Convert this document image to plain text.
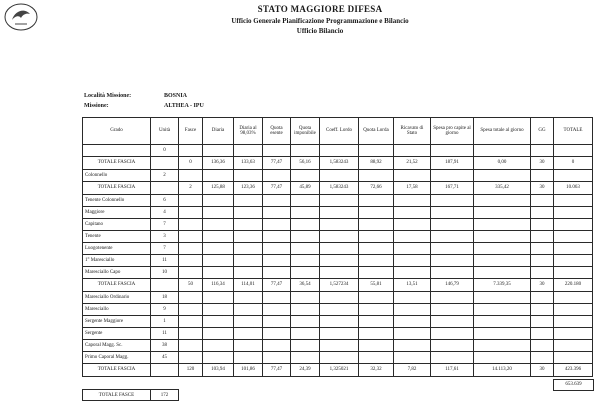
STATO MAGGIORE DIFESA
Ufficio Generale Pianificazione Programmazione e Bilancio
Ufficio Bilancio
Località Missione:	BOSNIA
Missione:	ALTHEA - IPU
Grado	Unità	Fasce	Diaria	Diaria al 98,03%	Quota esente	Quota imponibile	Coeff. Lordo	Quota Lorda	Ricavato di Stato	Spesa pro capite al giorno	Spesa totale al giorno	GG	TOTALE
	0												
TOTALE FASCIA		0	136,36	133,63	77,47	56,16	1,583243	88,92	21,52	187,91	0,00	30	0
Colonnello	2												
TOTALE FASCIA		2	125,88	123,36	77,47	45,89	1,583243	72,66	17,58	167,71	335,42	30	10.063
Tenente Colonnello	6												
Maggiore	4												
Capitano	7												
Tenente	3												
Luogotenente	7												
1° Maresciallo	11												
Maresciallo Capo	10												
TOTALE FASCIA		50	116,34	114,01	77,47	36,54	1,527234	55,81	13,51	146,79	7.339,35	30	220.180
Maresciallo Ordinario	18												
Maresciallo	9												
Sergente Maggiore	1												
Sergente	11												
Caporal Magg. Sc.	38												
Primo Caporal Magg.	45												
TOTALE FASCIA		120	103,94	101,86	77,47	24,39	1,325021	32,32	7,82	117,61	14.113,20	30	423.396
TOTALE FASCE	172
653.639
